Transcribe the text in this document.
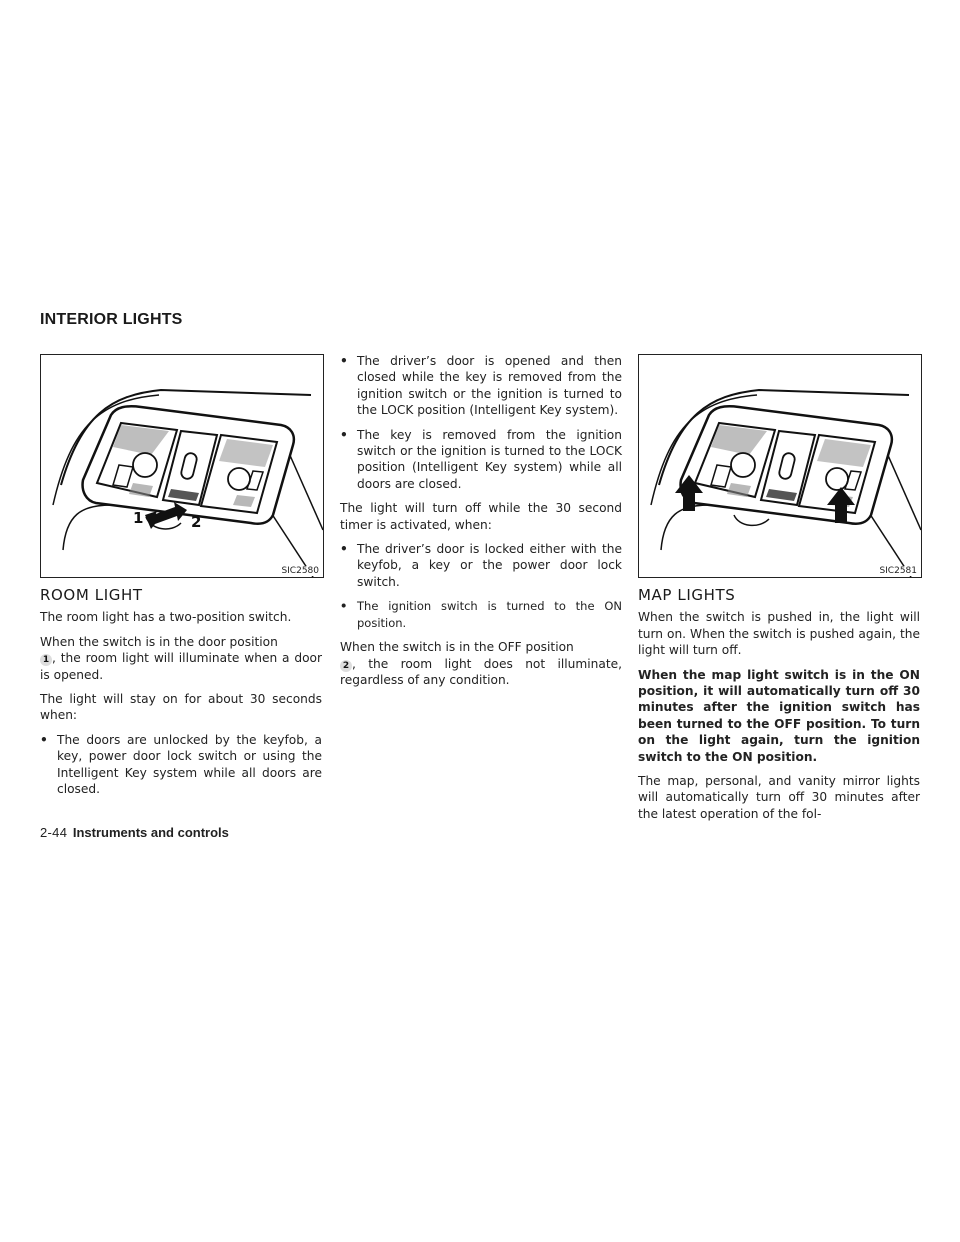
INTERIOR LIGHTS
1	2
SIC2580	SIC2581
ROOM LIGHT

The room light has a two-position switch.

When the switch is in the door position
1 , the room light will illuminate when a door is opened.

The light will stay on for about 30 seconds when:

• The doors are unlocked by the keyfob, a key, power door lock switch or using the Intelligent Key system while all doors are closed.
• The driver’s door is opened and then closed while the key is removed from the ignition switch or the ignition is turned to the LOCK position (Intelligent Key system).
• The key is removed from the ignition switch or the ignition is turned to the LOCK position (Intelligent Key system) while all doors are closed.

The light will turn off while the 30 second timer is activated, when:

• The driver’s door is locked either with the keyfob, a key or the power door lock switch.
• The ignition switch is turned to the ON position.

When the switch is in the OFF position
2 , the room light does not illuminate, regardless of any condition.

MAP LIGHTS

When the switch is pushed in, the light will turn on. When the switch is pushed again, the light will turn off.

When the map light switch is in the ON position, it will automatically turn off 30 minutes after the ignition switch has been turned to the OFF position. To turn on the light again, turn the ignition switch to the ON position.

The map, personal, and vanity mirror lights will automatically turn off 30 minutes after the latest operation of the fol-

2-44 Instruments and controls
